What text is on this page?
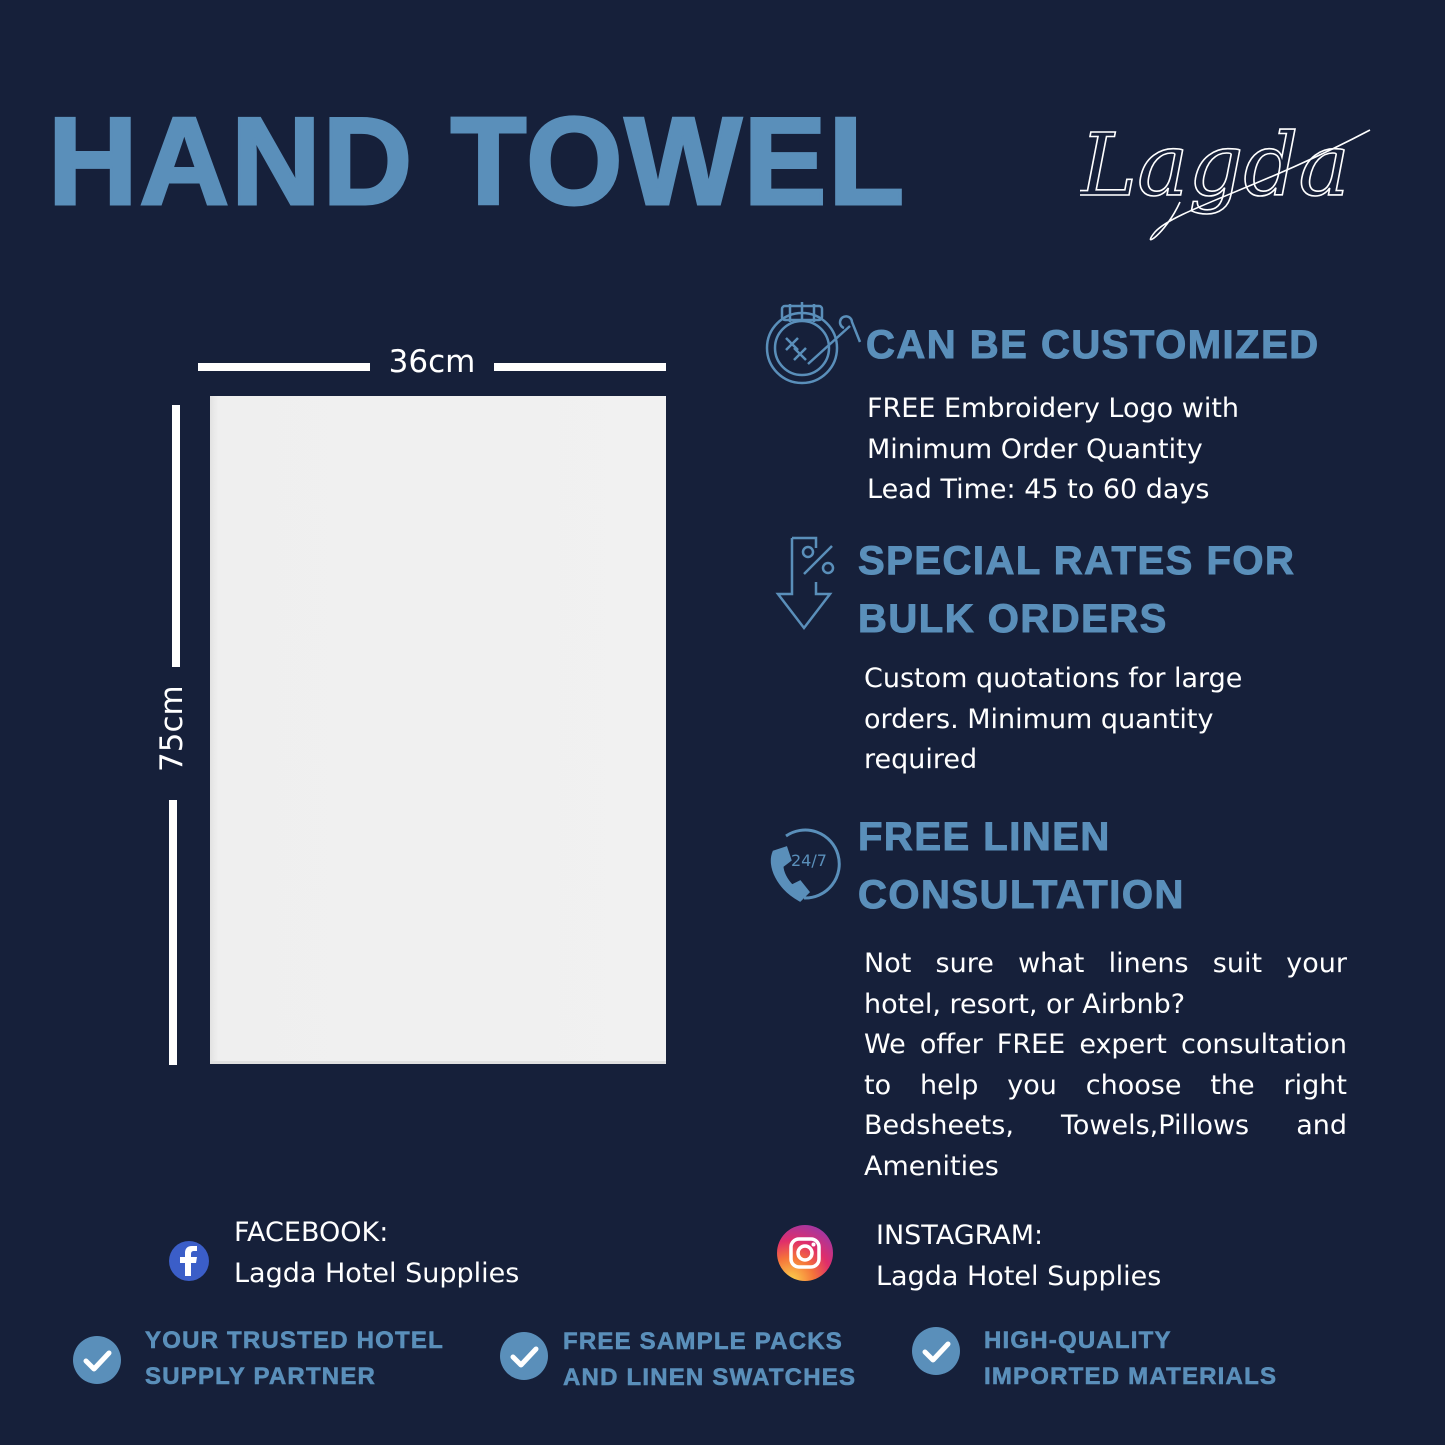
HAND TOWEL Lagda
36cm
75cm
CAN BE CUSTOMIZED
FREE Embroidery Logo with
Minimum Order Quantity
Lead Time: 45 to 60 days
SPECIAL RATES FOR
BULK ORDERS
Custom quotations for large
orders. Minimum quantity
required
24/7
FREE LINEN
CONSULTATION
Not sure what linens suit your
hotel, resort, or Airbnb?
We offer FREE expert consultation
to help you choose the right
Bedsheets, Towels,Pillows and
Amenities
FACEBOOK:
Lagda Hotel Supplies
INSTAGRAM:
Lagda Hotel Supplies
YOUR TRUSTED HOTEL
SUPPLY PARTNER
FREE SAMPLE PACKS
AND LINEN SWATCHES
HIGH-QUALITY
IMPORTED MATERIALS
